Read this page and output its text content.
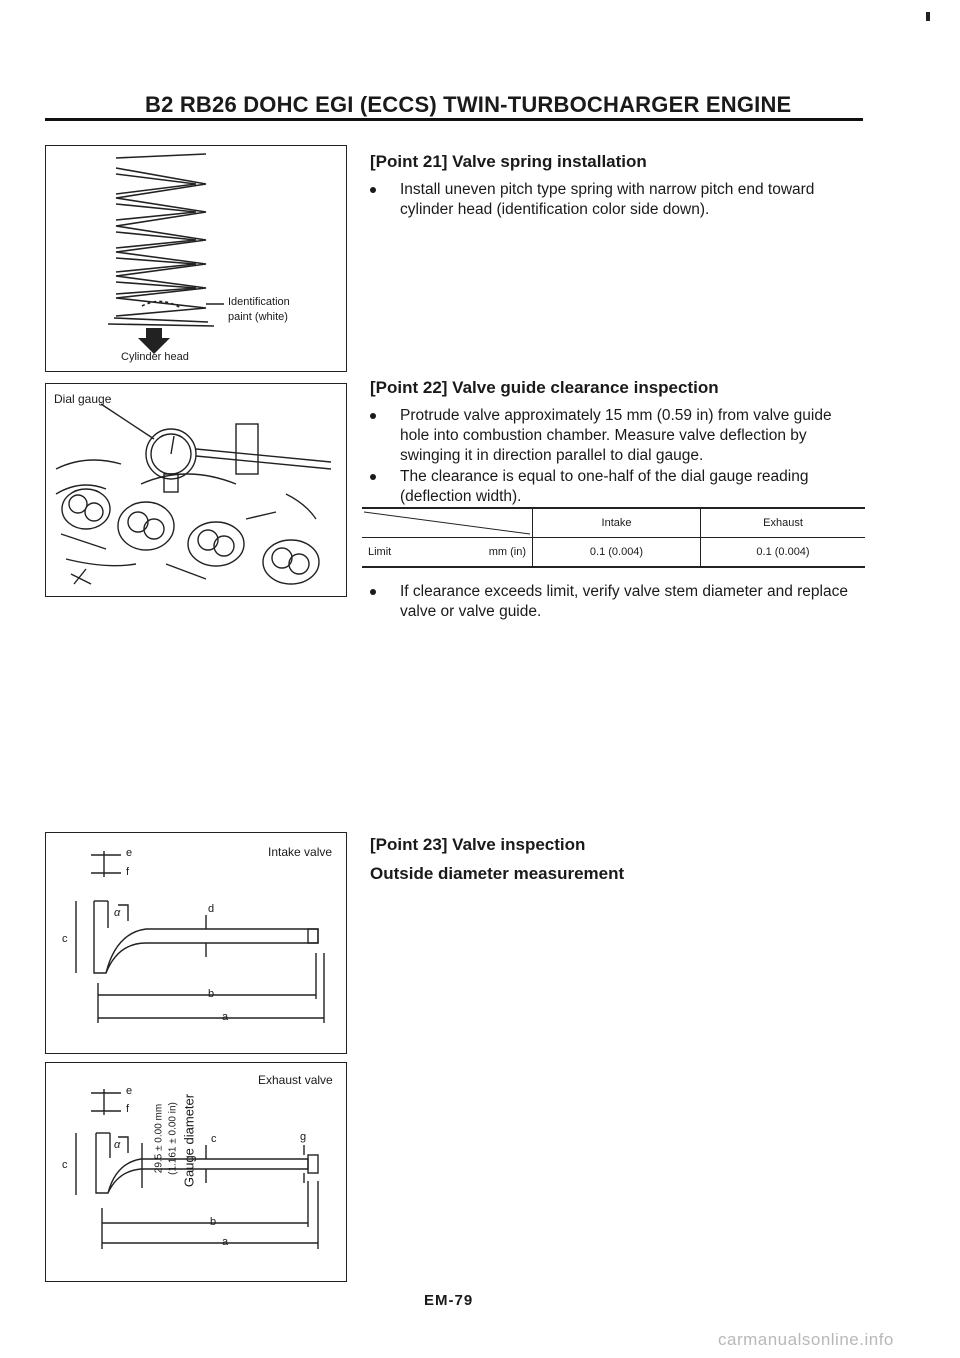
B2 RB26 DOHC EGI (ECCS) TWIN-TURBOCHARGER ENGINE
Identification
paint (white)
Cylinder head
Dial gauge
Intake valve
e
f
α	d
c
b
a
Exhaust valve
e
f
α	c	g
c
b
a
29.5 ± 0.00 mm (1.161 ± 0.00 in) Gauge diameter
[Point 21] Valve spring installation
Install uneven pitch type spring with narrow pitch end toward cylinder head (identification color side down).
[Point 22] Valve guide clearance inspection
Protrude valve approximately 15 mm (0.59 in) from valve guide hole into combustion chamber. Measure valve deflection by swinging it in direction parallel to dial gauge.
The clearance is equal to one-half of the dial gauge reading (deflection width).
	Intake	Exhaust
Limit mm (in)	0.1 (0.004)	0.1 (0.004)
If clearance exceeds limit, verify valve stem diameter and replace valve or valve guide.
[Point 23] Valve inspection
Outside diameter measurement
EM-79
carmanualsonline.info
